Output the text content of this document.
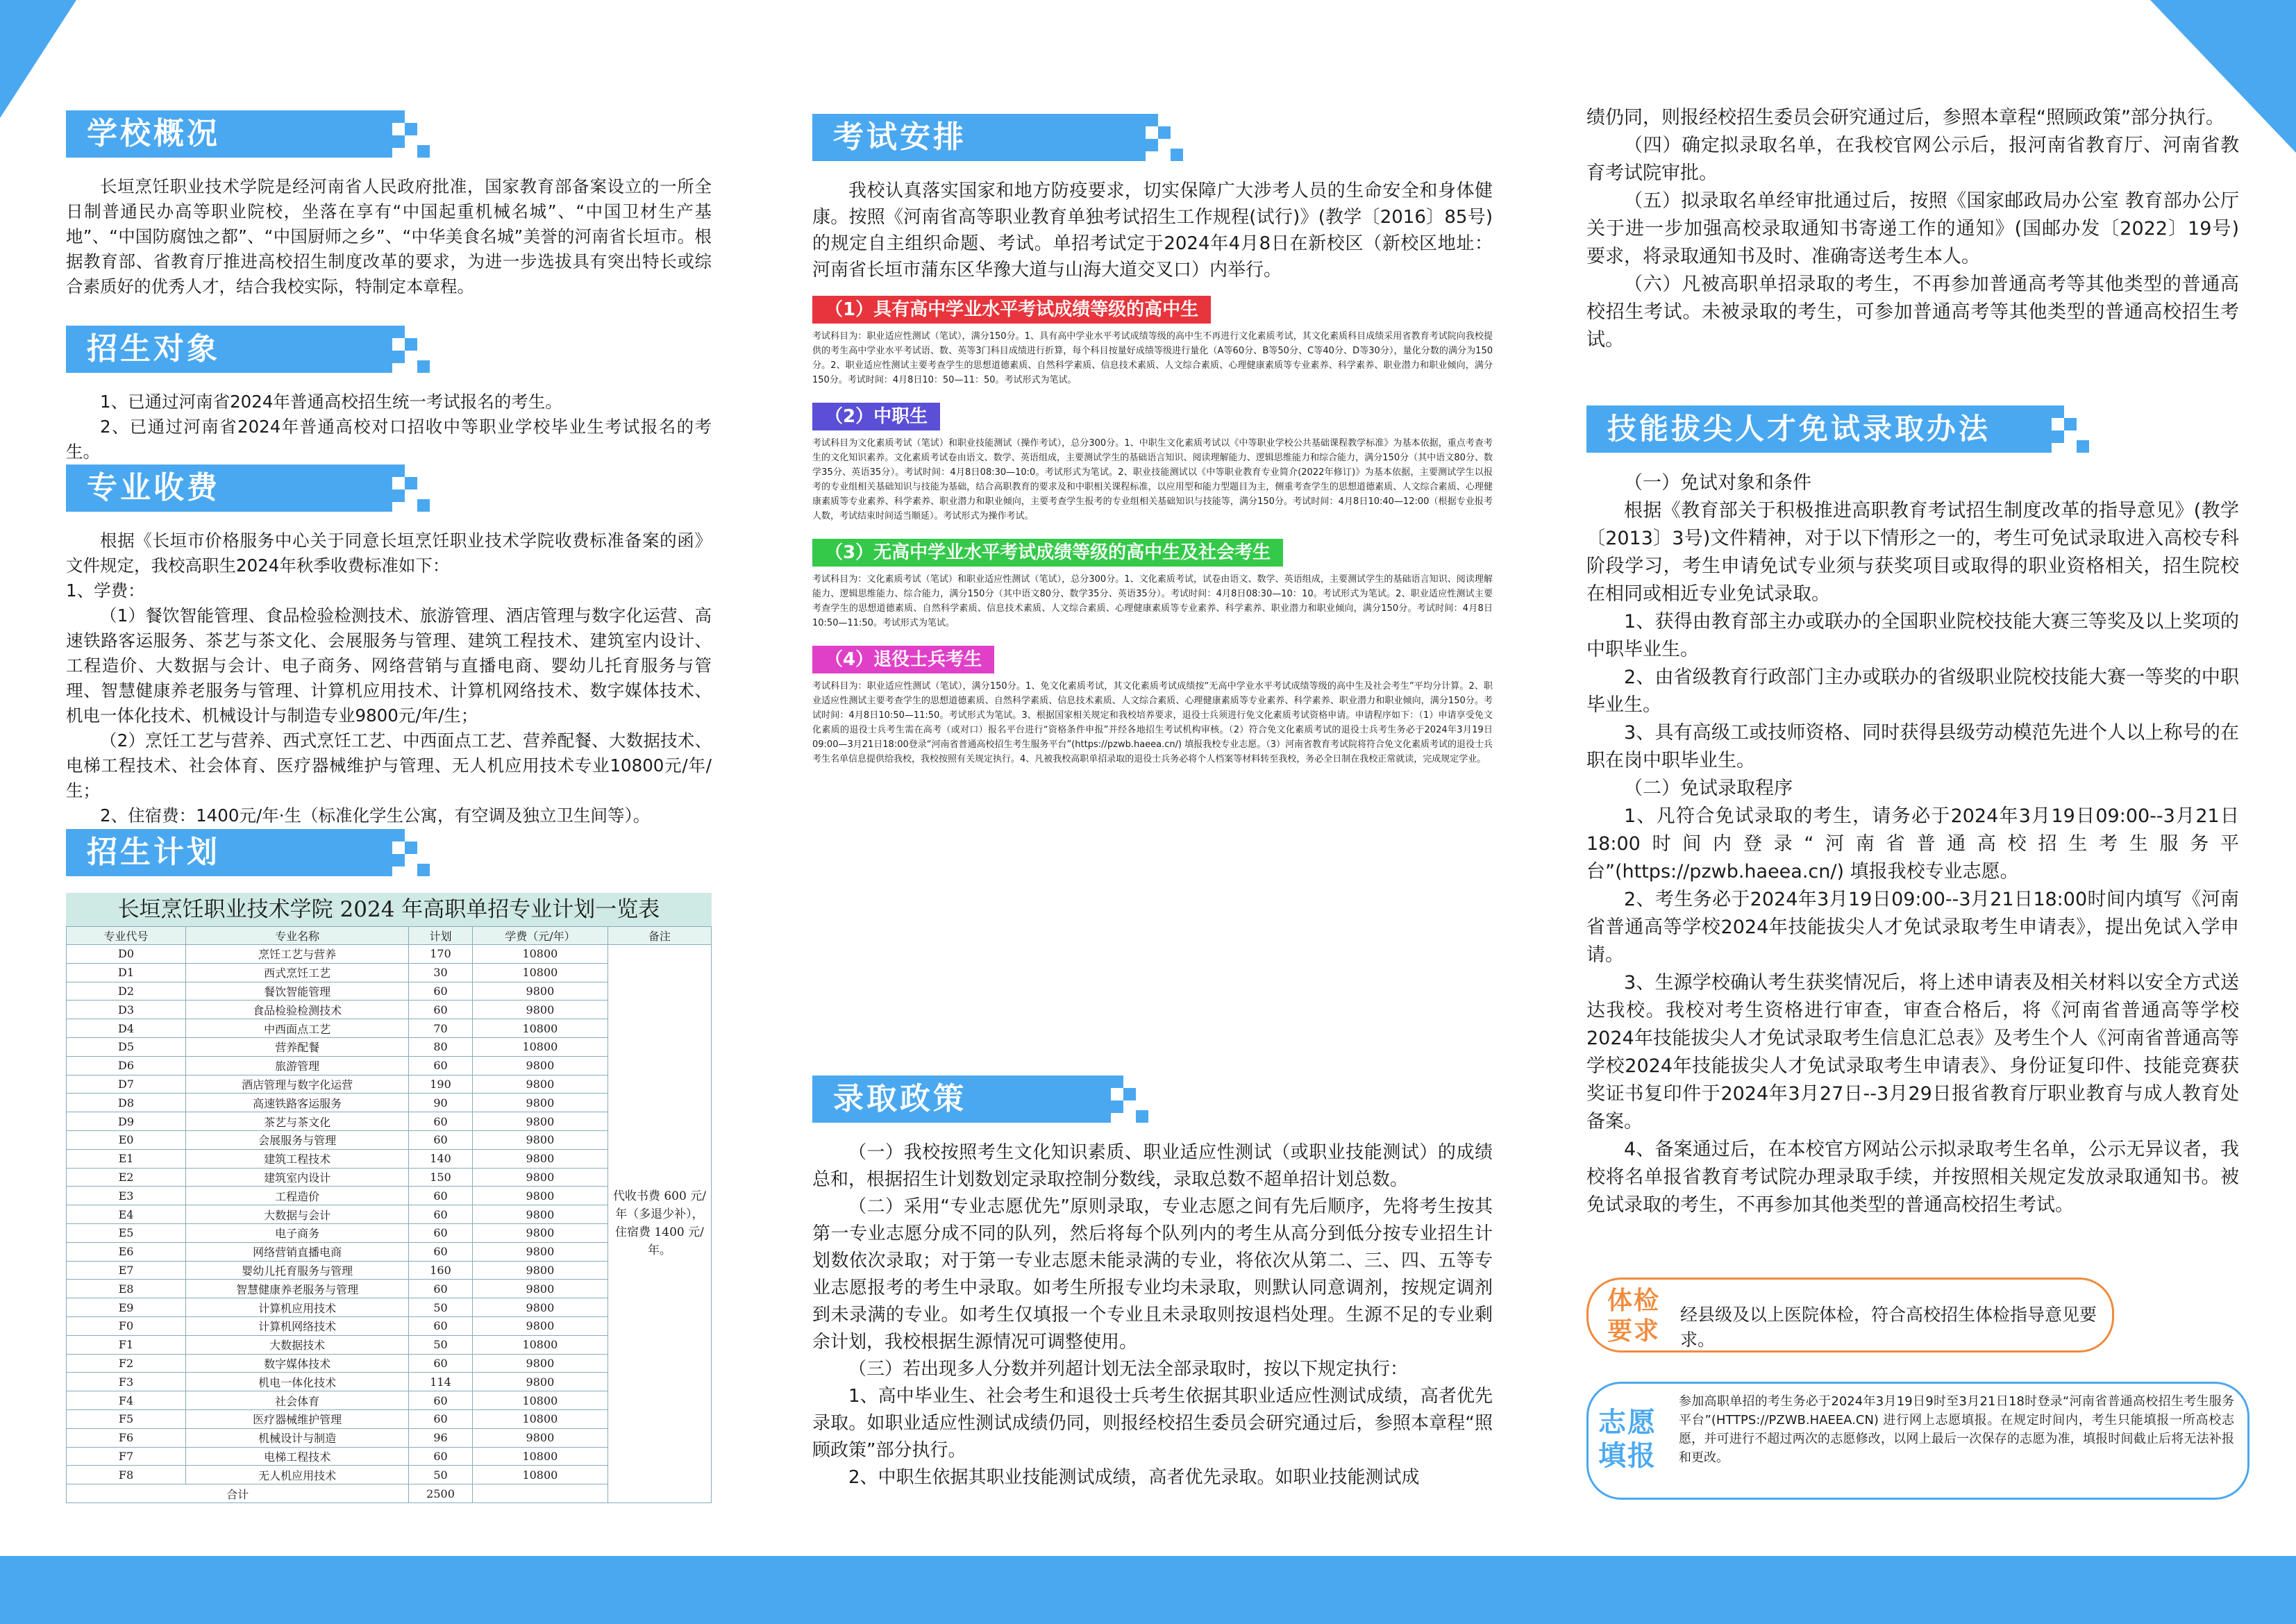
学校概况

长垣烹饪职业技术学院是经河南省人民政府批准，国家教育部备案设立的一所全日制普通民办高等职业院校，坐落在享有“中国起重机械名城”、“中国卫材生产基地”、“中国防腐蚀之都”、“中国厨师之乡”、“中华美食名城”美誉的河南省长垣市。根据教育部、省教育厅推进高校招生制度改革的要求，为进一步选拔具有突出特长或综合素质好的优秀人才，结合我校实际，特制定本章程。

招生对象

1、已通过河南省2024年普通高校招生统一考试报名的考生。

2、已通过河南省2024年普通高校对口招收中等职业学校毕业生考试报名的考生。

专业收费

根据《长垣市价格服务中心关于同意长垣烹饪职业技术学院收费标准备案的函》文件规定，我校高职生2024年秋季收费标准如下：

1、学费：

（1）餐饮智能管理、食品检验检测技术、旅游管理、酒店管理与数字化运营、高速铁路客运服务、茶艺与茶文化、会展服务与管理、建筑工程技术、建筑室内设计、工程造价、大数据与会计、电子商务、网络营销与直播电商、婴幼儿托育服务与管理、智慧健康养老服务与管理、计算机应用技术、计算机网络技术、数字媒体技术、机电一体化技术、机械设计与制造专业9800元/年/生；

（2）烹饪工艺与营养、西式烹饪工艺、中西面点工艺、营养配餐、大数据技术、电梯工程技术、社会体育、医疗器械维护与管理、无人机应用技术专业10800元/年/生；

2、住宿费：1400元/年·生（标准化学生公寓，有空调及独立卫生间等）。

招生计划
长垣烹饪职业技术学院 2024 年高职单招专业计划一览表
专业代号	专业名称	计划	学费（元/年）	备注
D0	烹饪工艺与营养	170	10800	代收书费 600 元/年（多退少补），住宿费 1400 元/年。
D1	西式烹饪工艺	30	10800	
D2	餐饮智能管理	60	9800	
D3	食品检验检测技术	60	9800	
D4	中西面点工艺	70	10800	
D5	营养配餐	80	10800	
D6	旅游管理	60	9800	
D7	酒店管理与数字化运营	190	9800	
D8	高速铁路客运服务	90	9800	
D9	茶艺与茶文化	60	9800	
E0	会展服务与管理	60	9800	
E1	建筑工程技术	140	9800	
E2	建筑室内设计	150	9800	
E3	工程造价	60	9800	
E4	大数据与会计	60	9800	
E5	电子商务	60	9800	
E6	网络营销直播电商	60	9800	
E7	婴幼儿托育服务与管理	160	9800	
E8	智慧健康养老服务与管理	60	9800	
E9	计算机应用技术	50	9800	
F0	计算机网络技术	60	9800	
F1	大数据技术	50	10800	
F2	数字媒体技术	60	9800	
F3	机电一体化技术	114	9800	
F4	社会体育	60	10800	
F5	医疗器械维护管理	60	10800	
F6	机械设计与制造	96	9800	
F7	电梯工程技术	60	10800	
F8	无人机应用技术	50	10800	
合计		2500		
考试安排

我校认真落实国家和地方防疫要求，切实保障广大涉考人员的生命安全和身体健康。按照《河南省高等职业教育单独考试招生工作规程(试行)》(教学〔2016〕85号)的规定自主组织命题、考试。单招考试定于2024年4月8日在新校区（新校区地址：河南省长垣市蒲东区华豫大道与山海大道交叉口）内举行。

（1）具有高中学业水平考试成绩等级的高中生

考试科目为：职业适应性测试（笔试），满分150分。1、具有高中学业水平考试成绩等级的高中生不再进行文化素质考试，其文化素质科目成绩采用省教育考试院向我校提供的考生高中学业水平考试语、数、英等3门科目成绩进行折算，每个科目按量好成绩等级进行量化（A等60分、B等50分、C等40分、D等30分），量化分数的满分为150分。2、职业适应性测试主要考查学生的思想道德素质、自然科学素质、信息技术素质、人文综合素质、心理健康素质等专业素养、科学素养、职业潜力和职业倾向，满分150分。考试时间：4月8日10：50—11：50。考试形式为笔试。

（2）中职生

考试科目为文化素质考试（笔试）和职业技能测试（操作考试），总分300分。1、中职生文化素质考试以《中等职业学校公共基础课程教学标准》为基本依据，重点考查考生的文化知识素养。文化素质考试卷由语文、数学、英语组成，主要测试学生的基础语言知识、阅读理解能力、逻辑思维能力和综合能力，满分150分（其中语文80分、数学35分、英语35分）。考试时间：4月8日08:30—10:0。考试形式为笔试。2、职业技能测试以《中等职业教育专业简介(2022年修订)》为基本依据，主要测试学生以报考的专业组相关基础知识与技能为基础，结合高职教育的要求及和中职相关课程标准，以应用型和能力型题目为主，侧重考查学生的思想道德素质、人文综合素质、心理健康素质等专业素养、科学素养、职业潜力和职业倾向，主要考查学生报考的专业组相关基础知识与技能等，满分150分。考试时间：4月8日10:40—12:00（根据专业报考人数，考试结束时间适当顺延）。考试形式为操作考试。

（3）无高中学业水平考试成绩等级的高中生及社会考生

考试科目为：文化素质考试（笔试）和职业适应性测试（笔试），总分300分。1、文化素质考试，试卷由语文、数学、英语组成，主要测试学生的基础语言知识、阅读理解能力、逻辑思维能力、综合能力，满分150分（其中语文80分、数学35分、英语35分）。考试时间：4月8日08:30—10：10。考试形式为笔试。2、职业适应性测试主要考查学生的思想道德素质、自然科学素质、信息技术素质、人文综合素质、心理健康素质等专业素养、科学素养、职业潜力和职业倾向，满分150分。考试时间：4月8日10:50—11:50。考试形式为笔试。

（4）退役士兵考生

考试科目为：职业适应性测试（笔试），满分150分。1、免文化素质考试，其文化素质考试成绩按“无高中学业水平考试成绩等级的高中生及社会考生”平均分计算。2、职业适应性测试主要考查学生的思想道德素质、自然科学素质、信息技术素质、人文综合素质、心理健康素质等专业素养、科学素养、职业潜力和职业倾向，满分150分。考试时间：4月8日10:50—11:50。考试形式为笔试。3、根据国家相关规定和我校培养要求，退役士兵须进行免文化素质考试资格申请。申请程序如下：（1）申请享受免文化素质的退役士兵考生需在高考（或对口）报名平台进行“资格条件申报”并经各地招生考试机构审核。（2）符合免文化素质考试的退役士兵考生务必于2024年3月19日09:00—3月21日18:00登录“河南省普通高校招生考生服务平台”(https://pzwb.haeea.cn/) 填报我校专业志愿。（3）河南省教育考试院将符合免文化素质考试的退役士兵考生名单信息提供给我校，我校按照有关规定执行。4、凡被我校高职单招录取的退役士兵务必将个人档案等材料转至我校，务必全日制在我校正常就读，完成规定学业。

录取政策

（一）我校按照考生文化知识素质、职业适应性测试（或职业技能测试）的成绩总和，根据招生计划数划定录取控制分数线，录取总数不超单招计划总数。

（二）采用“专业志愿优先”原则录取，专业志愿之间有先后顺序，先将考生按其第一专业志愿分成不同的队列，然后将每个队列内的考生从高分到低分按专业招生计划数依次录取；对于第一专业志愿未能录满的专业，将依次从第二、三、四、五等专业志愿报考的考生中录取。如考生所报专业均未录取，则默认同意调剂，按规定调剂到未录满的专业。如考生仅填报一个专业且未录取则按退档处理。生源不足的专业剩余计划，我校根据生源情况可调整使用。

（三）若出现多人分数并列超计划无法全部录取时，按以下规定执行：

1、高中毕业生、社会考生和退役士兵考生依据其职业适应性测试成绩，高者优先录取。如职业适应性测试成绩仍同，则报经校招生委员会研究通过后，参照本章程“照顾政策”部分执行。

2、中职生依据其职业技能测试成绩，高者优先录取。如职业技能测试成

绩仍同，则报经校招生委员会研究通过后，参照本章程“照顾政策”部分执行。

（四）确定拟录取名单，在我校官网公示后，报河南省教育厅、河南省教育考试院审批。

（五）拟录取名单经审批通过后，按照《国家邮政局办公室 教育部办公厅 关于进一步加强高校录取通知书寄递工作的通知》(国邮办发〔2022〕19号) 要求，将录取通知书及时、准确寄送考生本人。

（六）凡被高职单招录取的考生，不再参加普通高考等其他类型的普通高校招生考试。未被录取的考生，可参加普通高考等其他类型的普通高校招生考试。

技能拔尖人才免试录取办法

（一）免试对象和条件

根据《教育部关于积极推进高职教育考试招生制度改革的指导意见》(教学〔2013〕3号)文件精神，对于以下情形之一的，考生可免试录取进入高校专科阶段学习，考生申请免试专业须与获奖项目或取得的职业资格相关，招生院校在相同或相近专业免试录取。

1、获得由教育部主办或联办的全国职业院校技能大赛三等奖及以上奖项的中职毕业生。

2、由省级教育行政部门主办或联办的省级职业院校技能大赛一等奖的中职毕业生。

3、具有高级工或技师资格、同时获得县级劳动模范先进个人以上称号的在职在岗中职毕业生。

（二）免试录取程序

1、凡符合免试录取的考生，请务必于2024年3月19日09:00--3月21日18:00时间内登录“河南省普通高校招生考生服务平台”(https://pzwb.haeea.cn/) 填报我校专业志愿。

2、考生务必于2024年3月19日09:00--3月21日18:00时间内填写《河南省普通高等学校2024年技能拔尖人才免试录取考生申请表》，提出免试入学申请。

3、生源学校确认考生获奖情况后，将上述申请表及相关材料以安全方式送达我校。我校对考生资格进行审查，审查合格后，将《河南省普通高等学校2024年技能拔尖人才免试录取考生信息汇总表》及考生个人《河南省普通高等学校2024年技能拔尖人才免试录取考生申请表》、身份证复印件、技能竞赛获奖证书复印件于2024年3月27日--3月29日报省教育厅职业教育与成人教育处备案。

4、备案通过后，在本校官方网站公示拟录取考生名单，公示无异议者，我校将名单报省教育考试院办理录取手续，并按照相关规定发放录取通知书。被免试录取的考生，不再参加其他类型的普通高校招生考试。

体检
要求
经县级及以上医院体检，符合高校招生体检指导意见要求。
志愿
填报
参加高职单招的考生务必于2024年3月19日9时至3月21日18时登录“河南省普通高校招生考生服务平台”(HTTPS://PZWB.HAEEA.CN) 进行网上志愿填报。在规定时间内，考生只能填报一所高校志愿，并可进行不超过两次的志愿修改，以网上最后一次保存的志愿为准，填报时间截止后将无法补报和更改。
